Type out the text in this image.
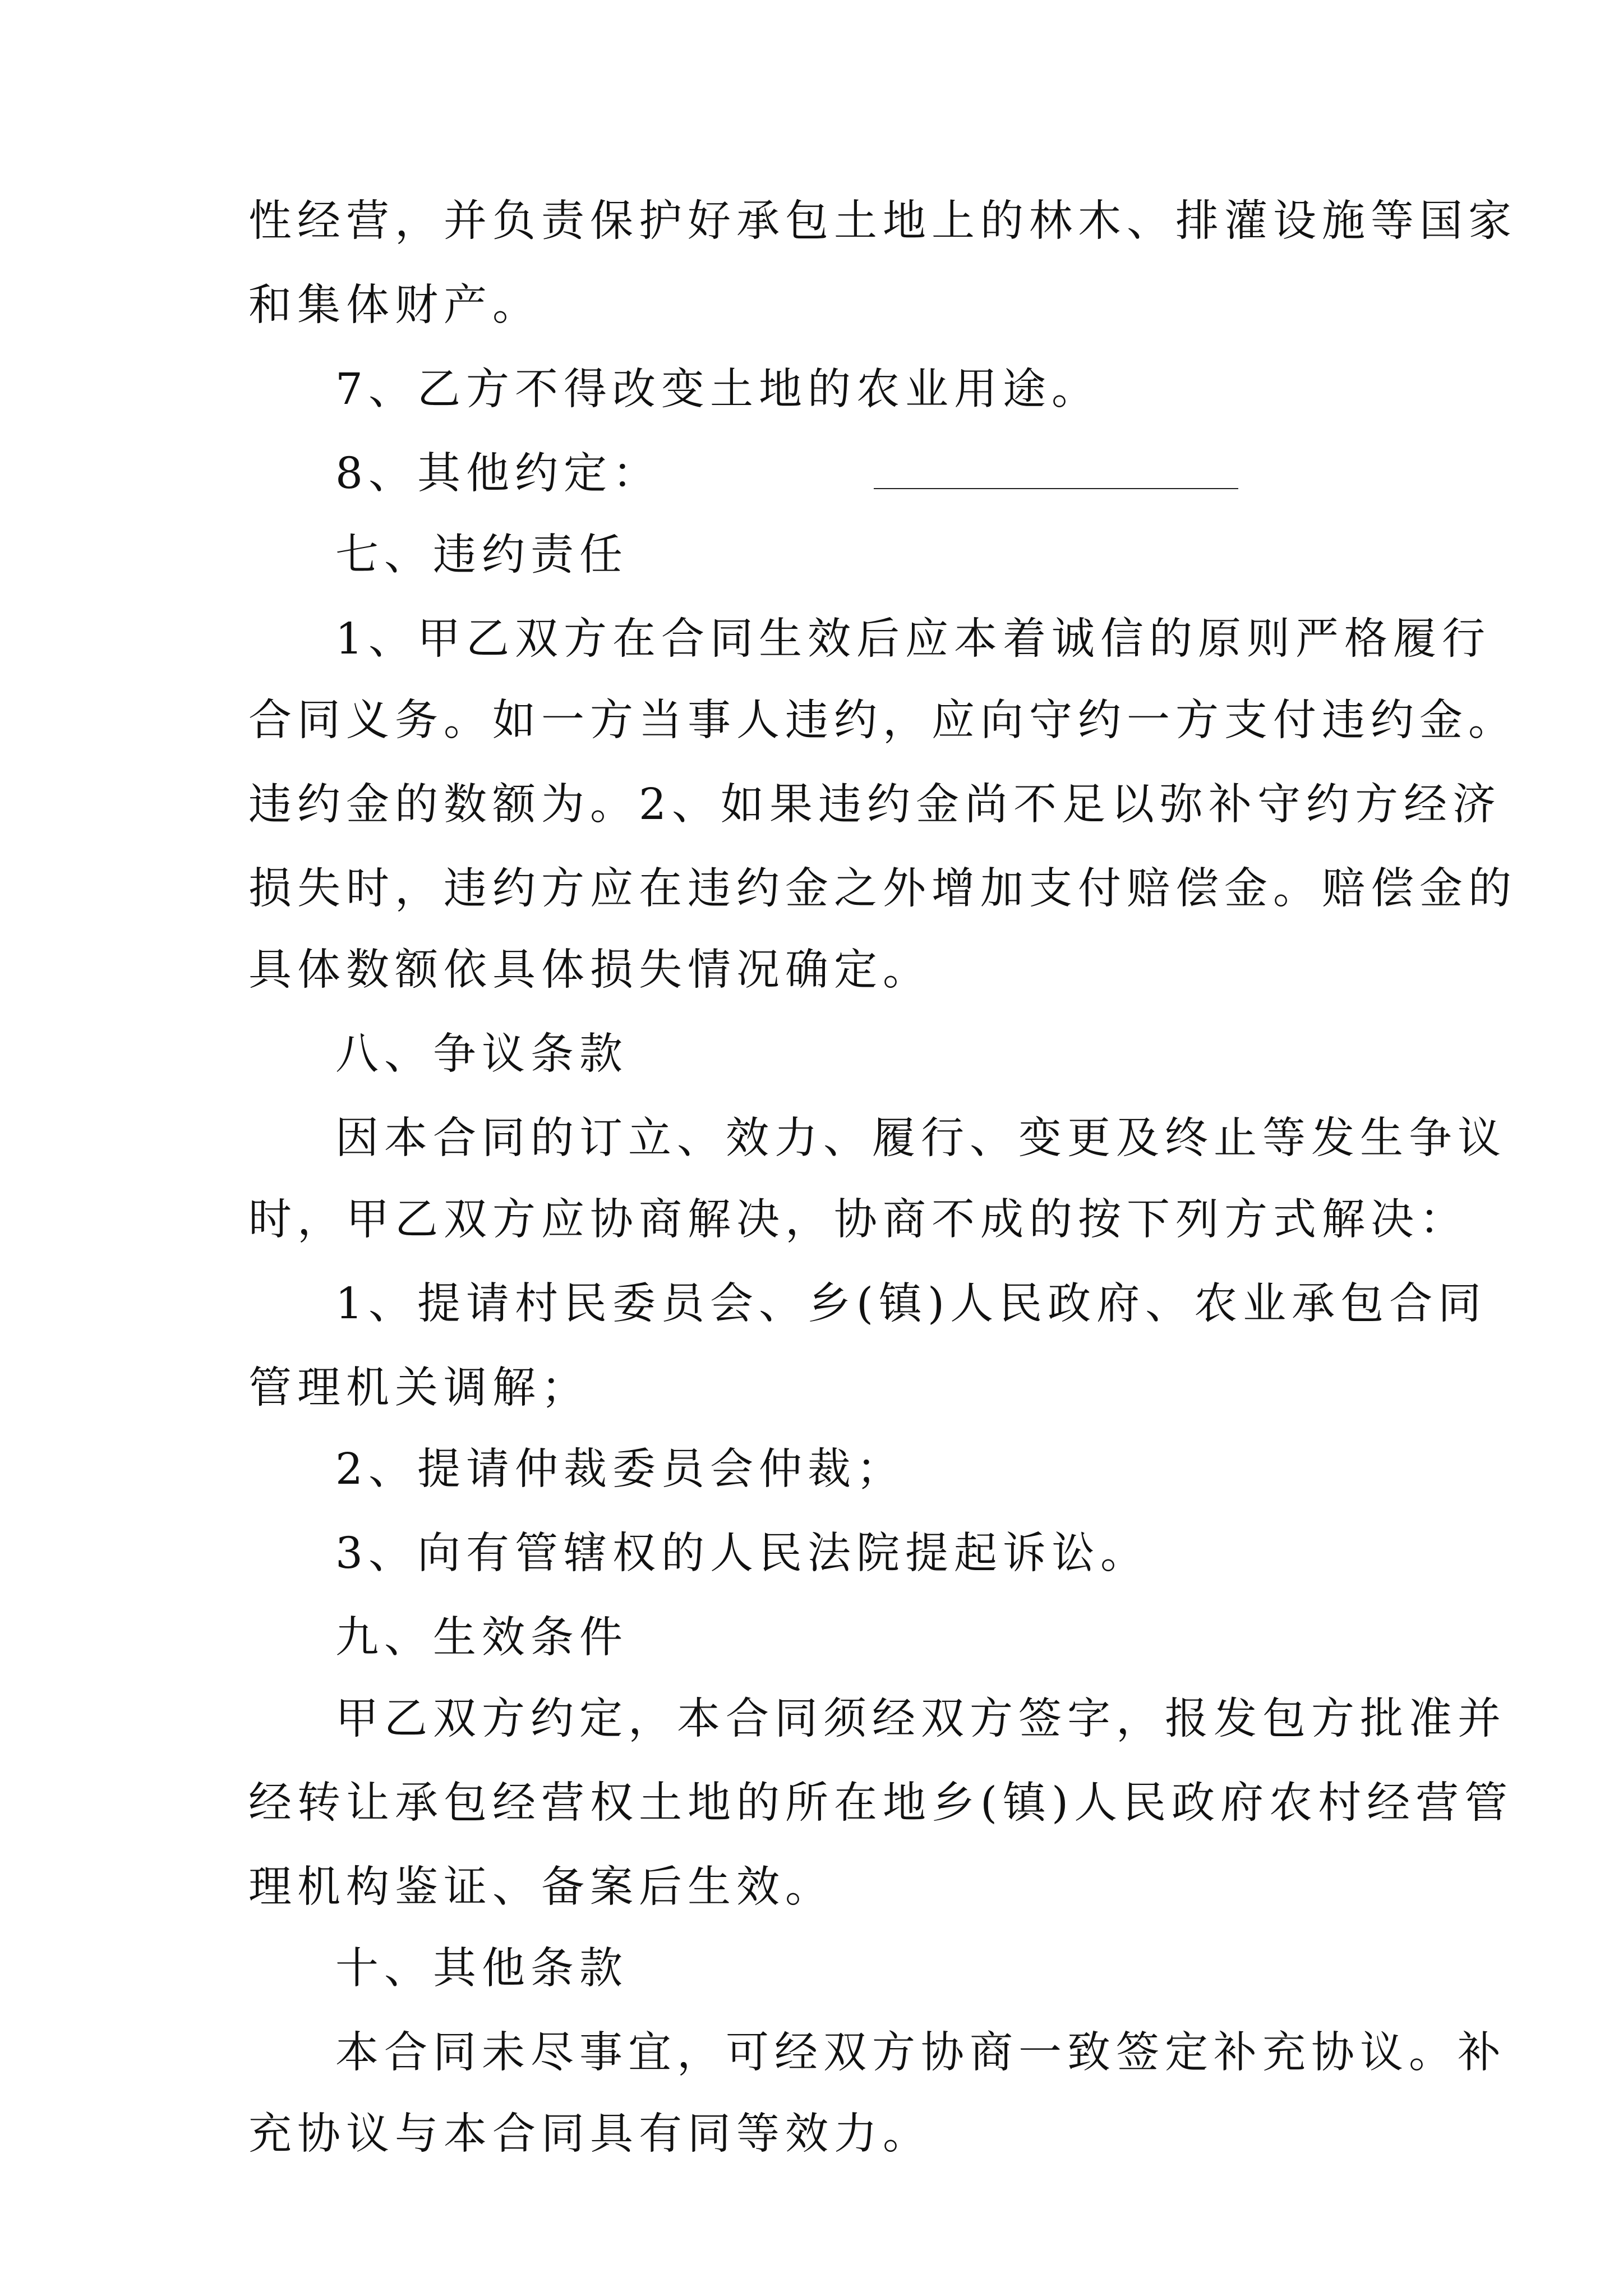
性经营，并负责保护好承包土地上的林木、排灌设施等国家
和集体财产。
7、乙方不得改变土地的农业用途。
8、其他约定：
七、违约责任
1、甲乙双方在合同生效后应本着诚信的原则严格履行
合同义务。如一方当事人违约，应向守约一方支付违约金。
违约金的数额为。2、如果违约金尚不足以弥补守约方经济
损失时，违约方应在违约金之外增加支付赔偿金。赔偿金的
具体数额依具体损失情况确定。
八、争议条款
因本合同的订立、效力、履行、变更及终止等发生争议
时，甲乙双方应协商解决，协商不成的按下列方式解决：
1、提请村民委员会、乡(镇)人民政府、农业承包合同
管理机关调解；
2、提请仲裁委员会仲裁；
3、向有管辖权的人民法院提起诉讼。
九、生效条件
甲乙双方约定，本合同须经双方签字，报发包方批准并
经转让承包经营权土地的所在地乡(镇)人民政府农村经营管
理机构鉴证、备案后生效。
十、其他条款
本合同未尽事宜，可经双方协商一致签定补充协议。补
充协议与本合同具有同等效力。
